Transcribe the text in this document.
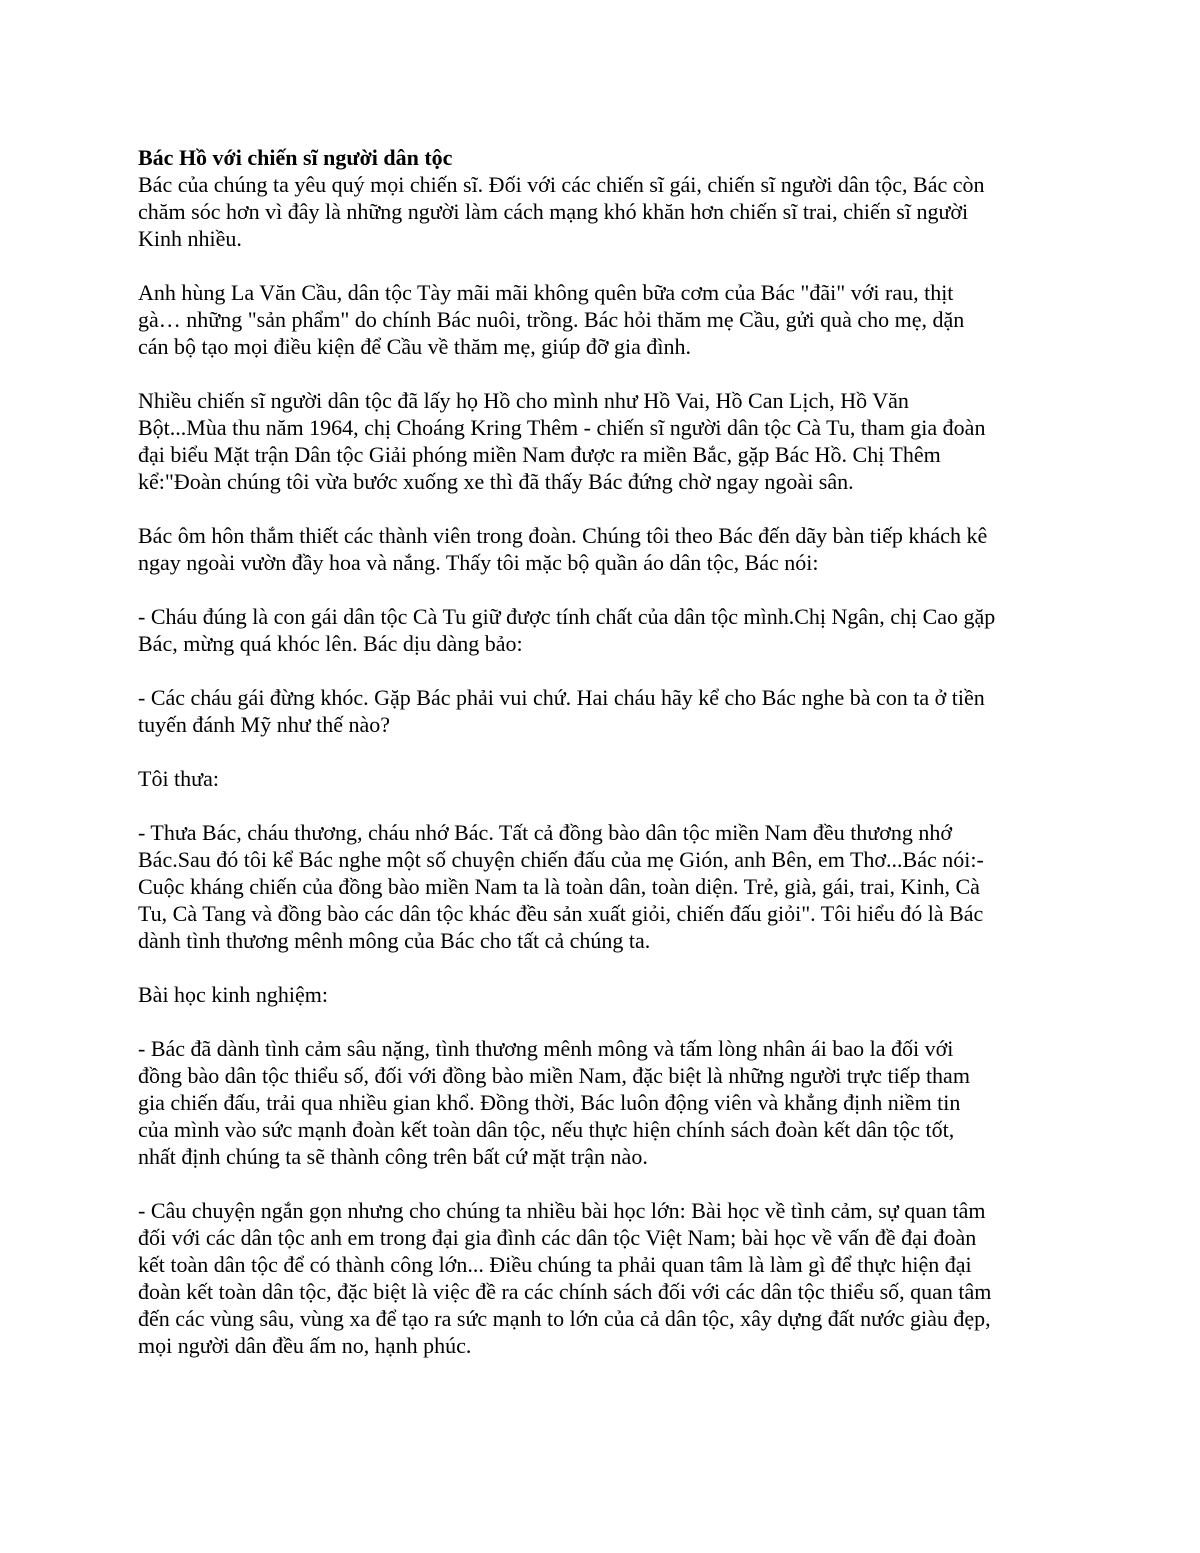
Bác Hồ với chiến sĩ người dân tộc
Bác của chúng ta yêu quý mọi chiến sĩ. Đối với các chiến sĩ gái, chiến sĩ người dân tộc, Bác còn
chăm sóc hơn vì đây là những người làm cách mạng khó khăn hơn chiến sĩ trai, chiến sĩ người
Kinh nhiều.
Anh hùng La Văn Cầu, dân tộc Tày mãi mãi không quên bữa cơm của Bác "đãi" với rau, thịt
gà… những "sản phẩm" do chính Bác nuôi, trồng. Bác hỏi thăm mẹ Cầu, gửi quà cho mẹ, dặn
cán bộ tạo mọi điều kiện để Cầu về thăm mẹ, giúp đỡ gia đình.
Nhiều chiến sĩ người dân tộc đã lấy họ Hồ cho mình như Hồ Vai, Hồ Can Lịch, Hồ Văn
Bột...Mùa thu năm 1964, chị Choáng Kring Thêm - chiến sĩ người dân tộc Cà Tu, tham gia đoàn
đại biểu Mặt trận Dân tộc Giải phóng miền Nam được ra miền Bắc, gặp Bác Hồ. Chị Thêm
kể:"Đoàn chúng tôi vừa bước xuống xe thì đã thấy Bác đứng chờ ngay ngoài sân.
Bác ôm hôn thắm thiết các thành viên trong đoàn. Chúng tôi theo Bác đến dãy bàn tiếp khách kê
ngay ngoài vườn đầy hoa và nắng. Thấy tôi mặc bộ quần áo dân tộc, Bác nói:
- Cháu đúng là con gái dân tộc Cà Tu giữ được tính chất của dân tộc mình.Chị Ngân, chị Cao gặp
Bác, mừng quá khóc lên. Bác dịu dàng bảo:
- Các cháu gái đừng khóc. Gặp Bác phải vui chứ. Hai cháu hãy kể cho Bác nghe bà con ta ở tiền
tuyến đánh Mỹ như thế nào?
Tôi thưa:
- Thưa Bác, cháu thương, cháu nhớ Bác. Tất cả đồng bào dân tộc miền Nam đều thương nhớ
Bác.Sau đó tôi kể Bác nghe một số chuyện chiến đấu của mẹ Gión, anh Bên, em Thơ...Bác nói:-
Cuộc kháng chiến của đồng bào miền Nam ta là toàn dân, toàn diện. Trẻ, già, gái, trai, Kinh, Cà
Tu, Cà Tang và đồng bào các dân tộc khác đều sản xuất giỏi, chiến đấu giỏi". Tôi hiểu đó là Bác
dành tình thương mênh mông của Bác cho tất cả chúng ta.
Bài học kinh nghiệm:
- Bác đã dành tình cảm sâu nặng, tình thương mênh mông và tấm lòng nhân ái bao la đối với
đồng bào dân tộc thiểu số, đối với đồng bào miền Nam, đặc biệt là những người trực tiếp tham
gia chiến đấu, trải qua nhiều gian khổ. Đồng thời, Bác luôn động viên và khẳng định niềm tin
của mình vào sức mạnh đoàn kết toàn dân tộc, nếu thực hiện chính sách đoàn kết dân tộc tốt,
nhất định chúng ta sẽ thành công trên bất cứ mặt trận nào.
- Câu chuyện ngắn gọn nhưng cho chúng ta nhiều bài học lớn: Bài học về tình cảm, sự quan tâm
đối với các dân tộc anh em trong đại gia đình các dân tộc Việt Nam; bài học về vấn đề đại đoàn
kết toàn dân tộc để có thành công lớn... Điều chúng ta phải quan tâm là làm gì để thực hiện đại
đoàn kết toàn dân tộc, đặc biệt là việc đề ra các chính sách đối với các dân tộc thiểu số, quan tâm
đến các vùng sâu, vùng xa để tạo ra sức mạnh to lớn của cả dân tộc, xây dựng đất nước giàu đẹp,
mọi người dân đều ấm no, hạnh phúc.
